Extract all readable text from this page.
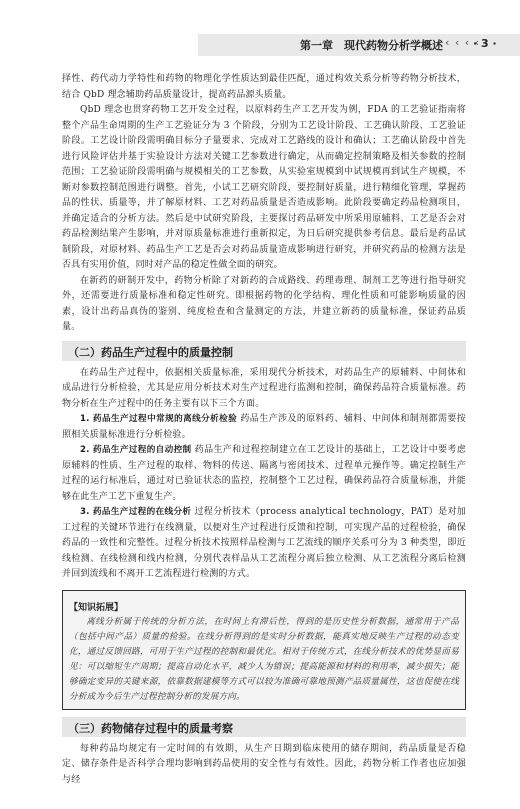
第一章　现代药物分析学概述
· ‹ ‹ ‹ ‹
· 3 ·

择性、药代动力学特性和药物的物理化学性质达到最佳匹配，通过构效关系分析等药物分析技术，结合 QbD 理念辅助药品质量设计，提高药品源头质量。

QbD 理念也贯穿药物工艺开发全过程，以原料药生产工艺开发为例，FDA 的工艺验证指南将整个产品生命周期的生产工艺验证分为 3 个阶段，分别为工艺设计阶段、工艺确认阶段、工艺验证阶段。工艺设计阶段需明确目标分子量要求、完成对工艺路线的设计和确认；工艺确认阶段中首先进行风险评估并基于实验设计方法对关键工艺参数进行确定，从而确定控制策略及相关参数的控制范围；工艺验证阶段需明确与规模相关的工艺参数，从实验室规模到中试规模再到试生产规模，不断对参数控制范围进行调整。首先，小试工艺研究阶段，要控制好质量，进行精细化管理，掌握药品的性状、质量等，并了解原材料、工艺对药品质量是否造成影响。此阶段要确定药品检测项目，并确定适合的分析方法。然后是中试研究阶段，主要探讨药品研发中所采用原辅料、工艺是否会对药品检测结果产生影响，并对原质量标准进行重新拟定，为日后研究提供参考信息。最后是药品试制阶段，对原材料、药品生产工艺是否会对药品质量造成影响进行研究，并研究药品的检测方法是否具有实用价值，同时对产品的稳定性做全面的研究。

在新药的研制开发中，药物分析除了对新药的合成路线、药理毒理、制剂工艺等进行指导研究外，还需要进行质量标准和稳定性研究。即根据药物的化学结构、理化性质和可能影响质量的因素，设计出药品真伪的鉴别、纯度检查和含量测定的方法，并建立新药的质量标准，保证药品质量。

（二）药品生产过程中的质量控制

在药品生产过程中，依据相关质量标准，采用现代分析技术，对药品生产的原辅料、中间体和成品进行分析检验，尤其是应用分析技术对生产过程进行监测和控制，确保药品符合质量标准。药物分析在生产过程中的任务主要有以下三个方面。

1. 药品生产过程中常规的离线分析检验 药品生产涉及的原料药、辅料、中间体和制剂都需要按照相关质量标准进行分析检验。

2. 药品生产过程的自动控制 药品生产和过程控制建立在工艺设计的基础上，工艺设计中要考虑原辅料的性质、生产过程的取样、物料的传送、隔离与密闭技术、过程单元操作等。确定控制生产过程的运行标准后，通过对已验证状态的监控，控制整个工艺过程，确保药品符合质量标准，并能够在此生产工艺下重复生产。

3. 药品生产过程的在线分析 过程分析技术（process analytical technology，PAT）是对加工过程的关键环节进行在线测量，以便对生产过程进行反馈和控制，可实现产品的过程检验，确保药品的一致性和完整性。过程分析技术按照样品检测与工艺流线的顺序关系可分为 3 种类型，即近线检测、在线检测和线内检测，分别代表样品从工艺流程分离后独立检测、从工艺流程分离后检测并回到流线和不离开工艺流程进行检测的方式。

【知识拓展】

离线分析属于传统的分析方法，在时间上有滞后性，得到的是历史性分析数据，通常用于产品（包括中间产品）质量的检验。在线分析得到的是实时分析数据，能真实地反映生产过程的动态变化，通过反馈回路，可用于生产过程的控制和最优化。相对于传统方式，在线分析技术的优势显而易见：可以缩短生产周期；提高自动化水平，减少人为错误；提高能源和材料的利用率，减少损失；能够确定变异的关键来源，依靠数据建模等方式可以较为准确可靠地预测产品质量属性，这也促使在线分析成为今后生产过程控制分析的发展方向。

（三）药物储存过程中的质量考察

每种药品均规定有一定时间的有效期，从生产日期到临床使用的储存期间，药品质量是否稳定、储存条件是否科学合理均影响到药品使用的安全性与有效性。因此，药物分析工作者也应加强与经
